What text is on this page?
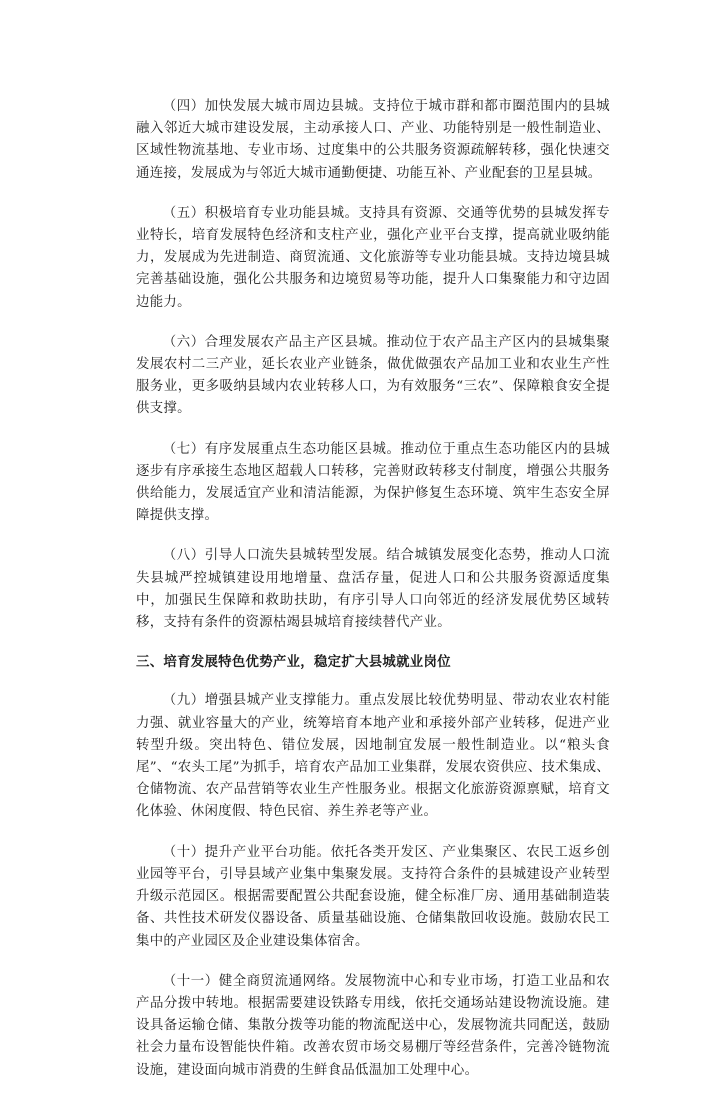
（四）加快发展大城市周边县城。支持位于城市群和都市圈范围内的县城融入邻近大城市建设发展，主动承接人口、产业、功能特别是一般性制造业、区域性物流基地、专业市场、过度集中的公共服务资源疏解转移，强化快速交通连接，发展成为与邻近大城市通勤便捷、功能互补、产业配套的卫星县城。

（五）积极培育专业功能县城。支持具有资源、交通等优势的县城发挥专业特长，培育发展特色经济和支柱产业，强化产业平台支撑，提高就业吸纳能力，发展成为先进制造、商贸流通、文化旅游等专业功能县城。支持边境县城完善基础设施，强化公共服务和边境贸易等功能，提升人口集聚能力和守边固边能力。

（六）合理发展农产品主产区县城。推动位于农产品主产区内的县城集聚发展农村二三产业，延长农业产业链条，做优做强农产品加工业和农业生产性服务业，更多吸纳县域内农业转移人口，为有效服务“三农”、保障粮食安全提供支撑。

（七）有序发展重点生态功能区县城。推动位于重点生态功能区内的县城逐步有序承接生态地区超载人口转移，完善财政转移支付制度，增强公共服务供给能力，发展适宜产业和清洁能源，为保护修复生态环境、筑牢生态安全屏障提供支撑。

（八）引导人口流失县城转型发展。结合城镇发展变化态势，推动人口流失县城严控城镇建设用地增量、盘活存量，促进人口和公共服务资源适度集中，加强民生保障和救助扶助，有序引导人口向邻近的经济发展优势区域转移，支持有条件的资源枯竭县城培育接续替代产业。

三、培育发展特色优势产业，稳定扩大县城就业岗位

（九）增强县城产业支撑能力。重点发展比较优势明显、带动农业农村能力强、就业容量大的产业，统筹培育本地产业和承接外部产业转移，促进产业转型升级。突出特色、错位发展，因地制宜发展一般性制造业。以“粮头食尾”、“农头工尾”为抓手，培育农产品加工业集群，发展农资供应、技术集成、仓储物流、农产品营销等农业生产性服务业。根据文化旅游资源禀赋，培育文化体验、休闲度假、特色民宿、养生养老等产业。

（十）提升产业平台功能。依托各类开发区、产业集聚区、农民工返乡创业园等平台，引导县域产业集中集聚发展。支持符合条件的县城建设产业转型升级示范园区。根据需要配置公共配套设施，健全标准厂房、通用基础制造装备、共性技术研发仪器设备、质量基础设施、仓储集散回收设施。鼓励农民工集中的产业园区及企业建设集体宿舍。

（十一）健全商贸流通网络。发展物流中心和专业市场，打造工业品和农产品分拨中转地。根据需要建设铁路专用线，依托交通场站建设物流设施。建设具备运输仓储、集散分拨等功能的物流配送中心，发展物流共同配送，鼓励社会力量布设智能快件箱。改善农贸市场交易棚厅等经营条件，完善冷链物流设施，建设面向城市消费的生鲜食品低温加工处理中心。
